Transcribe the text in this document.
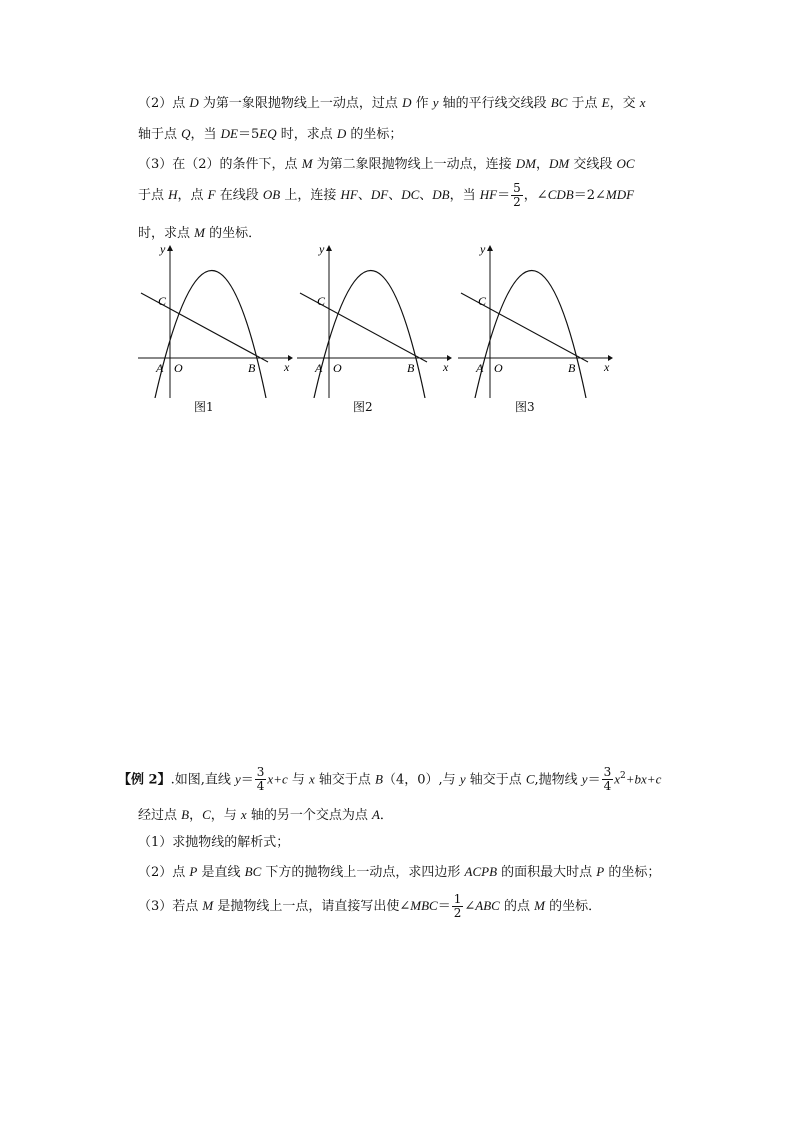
（2）点 D 为第一象限抛物线上一动点，过点 D 作 y 轴的平行线交线段 BC 于点 E，交 x
轴于点 Q，当 DE＝5EQ 时，求点 D 的坐标；
（3）在（2）的条件下，点 M 为第二象限抛物线上一动点，连接 DM，DM 交线段 OC
于点 H，点 F 在线段 OB 上，连接 HF、DF、DC、DB，当 $HF= \frac{5}{2}$ ，∠CDB＝2∠MDF
时，求点 M 的坐标．
y
x
C
A O	B
图1
y
x
C
A O	B
图2
y
x
C
A O	B
图3
【例 2】.如图,直线 $y= \frac{3}{4} x+c$ 与 x 轴交于点 B（4，0）,与 y 轴交于点 C,抛物线 $y= \frac{3}{4} x^2+bx+c$
经过点 B，C，与 x 轴的另一个交点为点 A．
（1）求抛物线的解析式；
（2）点 P 是直线 BC 下方的抛物线上一动点，求四边形 ACPB 的面积最大时点 P 的坐标；
（3）若点 M 是抛物线上一点，请直接写出使∠MBC＝ $\frac{1}{2}$ ∠ABC 的点 M 的坐标．
